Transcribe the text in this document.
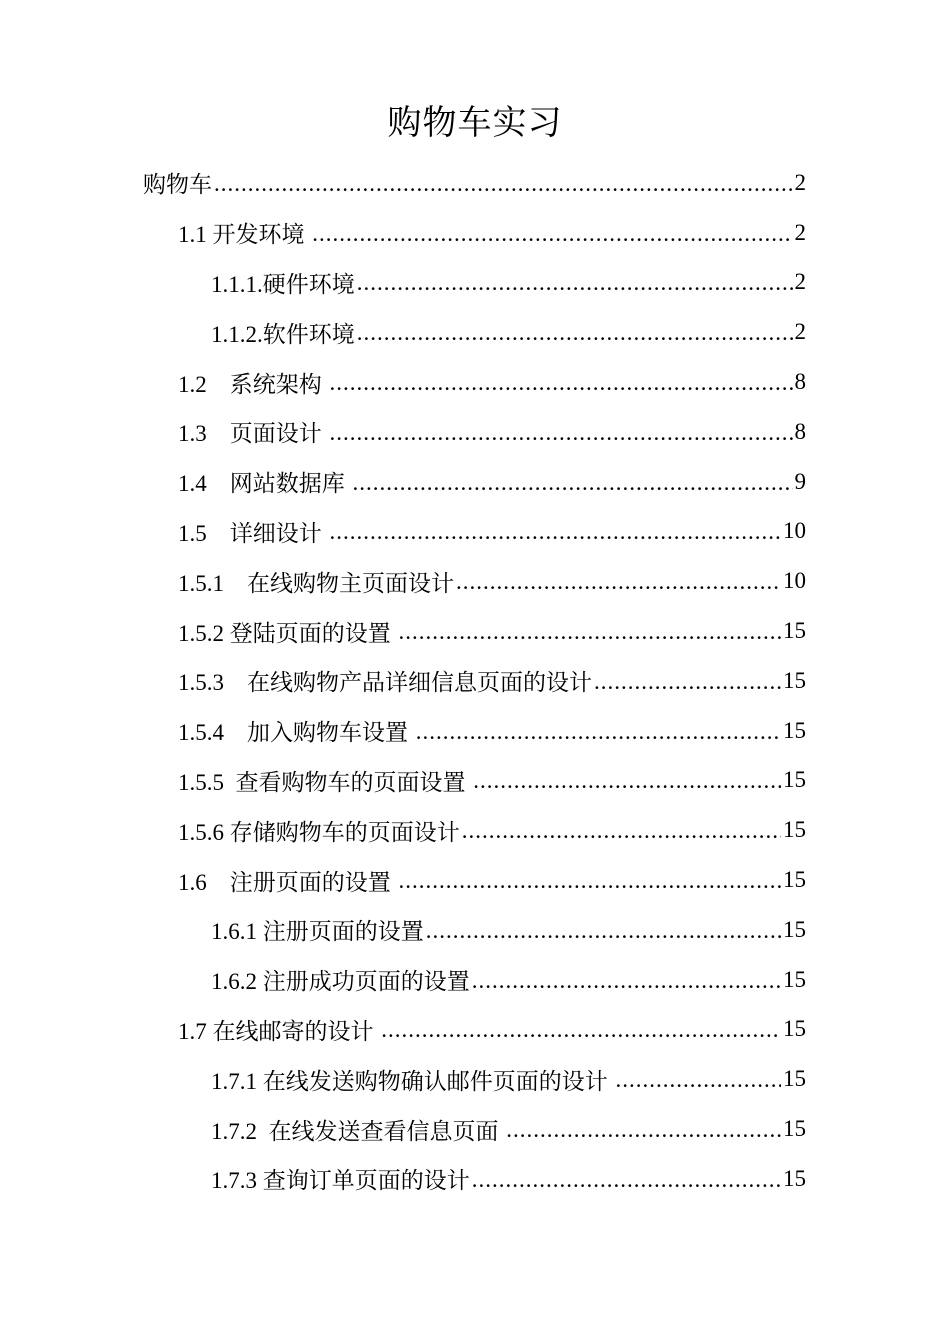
购物车实习
购物车 .....	2
1.1 开发环境 .....	2
1.1.1.硬件环境 .....	2
1.1.2.软件环境 .....	2
1.2　系统架构 .....	8
1.3　页面设计 .....	8
1.4　网站数据库 .....	9
1.5　详细设计 .....	10
1.5.1　在线购物主页面设计 .....	10
1.5.2 登陆页面的设置 .....	15
1.5.3　在线购物产品详细信息页面的设计 .....	15
1.5.4　加入购物车设置 .....	15
1.5.5  查看购物车的页面设置 .....	15
1.5.6 存储购物车的页面设计 .....	15
1.6　注册页面的设置 .....	15
1.6.1 注册页面的设置 .....	15
1.6.2 注册成功页面的设置 .....	15
1.7 在线邮寄的设计 .....	15
1.7.1 在线发送购物确认邮件页面的设计 .....	15
1.7.2  在线发送查看信息页面 .....	15
1.7.3 查询订单页面的设计 .....	15
